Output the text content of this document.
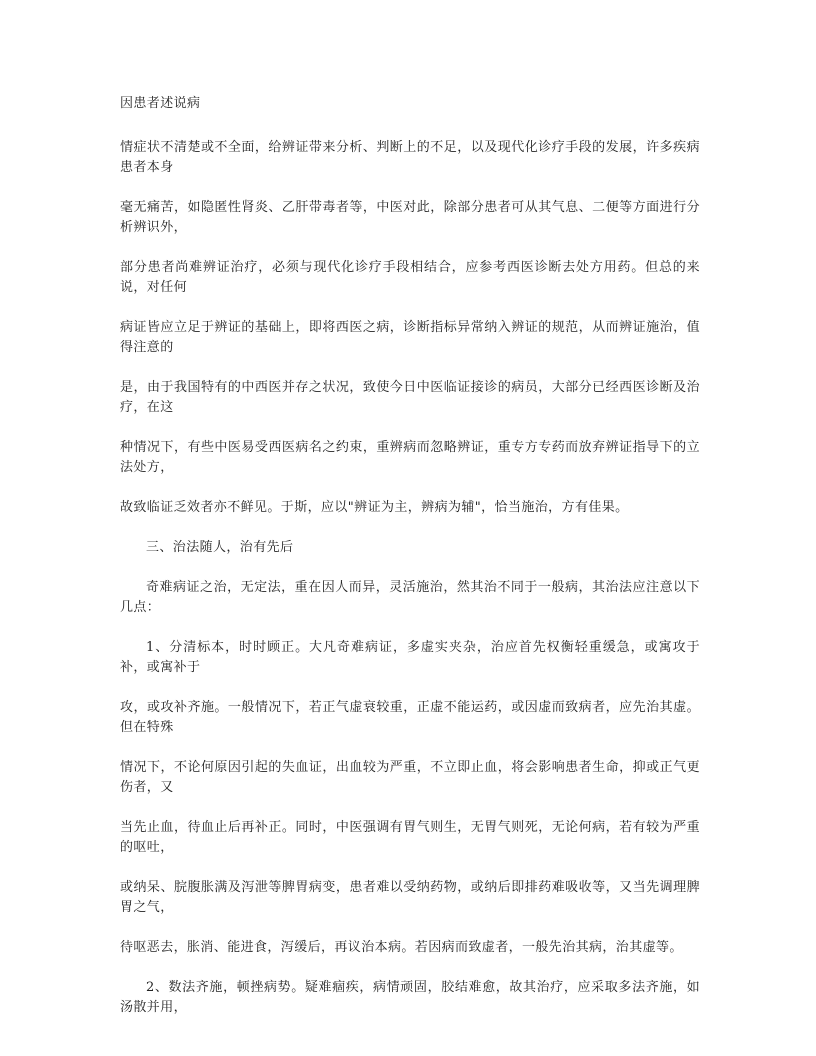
因患者述说病

情症状不清楚或不全面，给辨证带来分析、判断上的不足，以及现代化诊疗手段的发展，许多疾病患者本身

毫无痛苦，如隐匿性肾炎、乙肝带毒者等，中医对此，除部分患者可从其气息、二便等方面进行分析辨识外，

部分患者尚难辨证治疗，必须与现代化诊疗手段相结合，应参考西医诊断去处方用药。但总的来说，对任何

病证皆应立足于辨证的基础上，即将西医之病，诊断指标异常纳入辨证的规范，从而辨证施治，值得注意的

是，由于我国特有的中西医并存之状况，致使今日中医临证接诊的病员，大部分已经西医诊断及治疗，在这

种情况下，有些中医易受西医病名之约束，重辨病而忽略辨证，重专方专药而放弃辨证指导下的立法处方，

故致临证乏效者亦不鲜见。于斯，应以"辨证为主，辨病为辅"，恰当施治，方有佳果。

三、治法随人，治有先后

奇难病证之治，无定法，重在因人而异，灵活施治，然其治不同于一般病，其治法应注意以下几点：

1、分清标本，时时顾正。大凡奇难病证，多虚实夹杂，治应首先权衡轻重缓急，或寓攻于补，或寓补于

攻，或攻补齐施。一般情况下，若正气虚衰较重，正虚不能运药，或因虚而致病者，应先治其虚。但在特殊

情况下，不论何原因引起的失血证，出血较为严重，不立即止血，将会影响患者生命，抑或正气更伤者，又

当先止血，待血止后再补正。同时，中医强调有胃气则生，无胃气则死，无论何病，若有较为严重的呕吐，

或纳呆、脘腹胀满及泻泄等脾胃病变，患者难以受纳药物，或纳后即排药难吸收等，又当先调理脾胃之气，

待呕恶去，胀消、能进食，泻缓后，再议治本病。若因病而致虚者，一般先治其病，治其虚等。

2、数法齐施，顿挫病势。疑难痼疾，病情顽固，胶结难愈，故其治疗，应采取多法齐施，如汤散并用，
